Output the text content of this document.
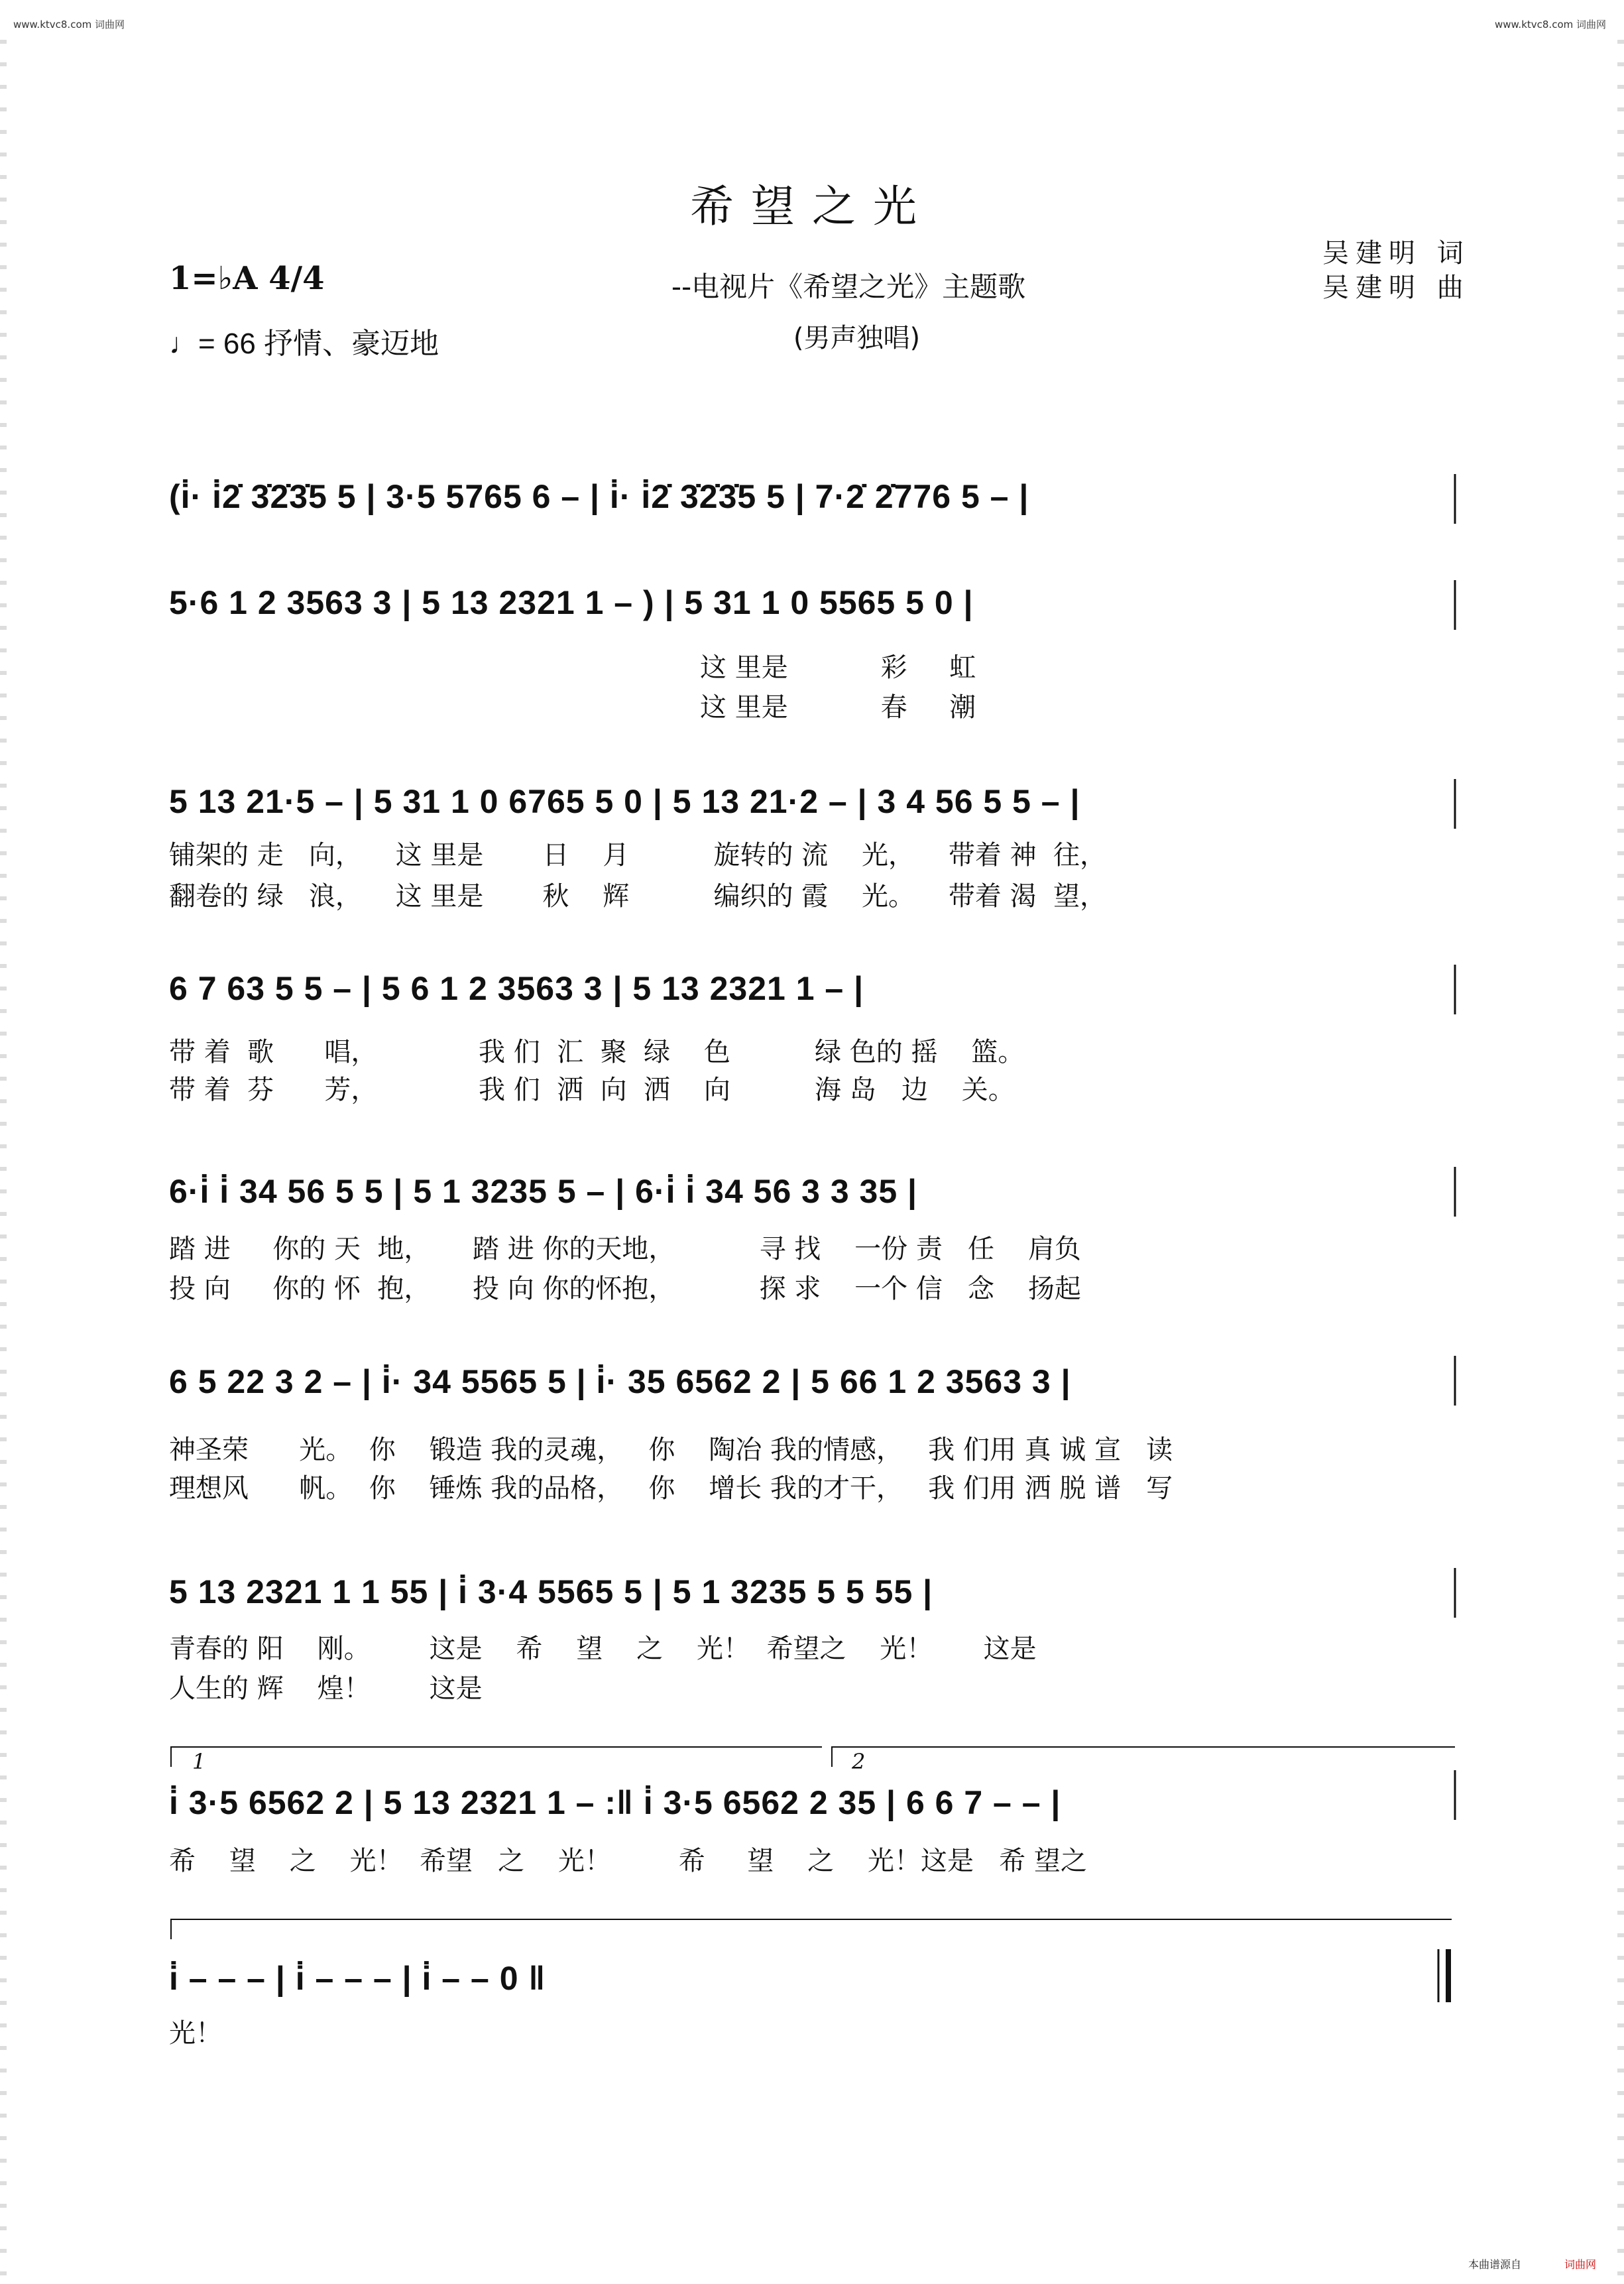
www.ktvc8.com 词曲网	www.ktvc8.com 词曲网
希望之光
--电视片《希望之光》主题歌
(男声独唱)
吴建明 词
吴建明 曲
1=♭A 4/4
♩= 66 抒情、豪迈地
(i̇· i̇2̇ 3̇2̇3̇5 5 | 3·5 5765 6 – | i̇· i̇2̇ 3̇2̇3̇5 5 | 7·2̇ 2̇776 5 – |
5·6 1 2 3563 3 | 5 13 2321 1 – ) | 5 31 1 0 5565 5 0 |
这 里是           彩     虹
这 里是           春     潮
5 13 21·5 – | 5 31 1 0 6765 5 0 | 5 13 21·2 – | 3 4 56 5 5 – |
铺架的 走   向，    这 里是       日    月          旋转的 流    光，    带着 神  往，
翻卷的 绿   浪，    这 里是       秋    辉          编织的 霞    光。    带着 渴  望，
6 7 63 5 5 – | 5 6 1 2 3563 3 | 5 13 2321 1 – |
带 着  歌      唱，            我 们  汇  聚  绿    色          绿 色的 摇    篮。
带 着  芬      芳，            我 们  洒  向  洒    向          海 岛   边    关。
6·i̇ i̇ 34 56 5 5 | 5 1 3235 5 – | 6·i̇ i̇ 34 56 3 3 35 |
踏 进     你的 天  地，     踏 进 你的天地，          寻 找    一份 责   任    肩负
投 向     你的 怀  抱，     投 向 你的怀抱，          探 求    一个 信   念    扬起
6 5 22 3 2 – | i̇· 34 5565 5 | i̇· 35 6562 2 | 5 66 1 2 3563 3 |
神圣荣      光。  你    锻造 我的灵魂，   你    陶冶 我的情感，   我 们用 真 诚 宣   读
理想风      帆。  你    锤炼 我的品格，   你    增长 我的才干，   我 们用 洒 脱 谱   写
5 13 2321 1 1 55 | i̇ 3·4 5565 5 | 5 1 3235 5 5 55 |
青春的 阳    刚。       这是    希    望    之    光！  希望之    光！      这是
人生的 辉    煌！       这是
1	2
i̇ 3·5 6562 2 | 5 13 2321 1 – :‖ i̇ 3·5 6562 2 35 | 6 6 7 – – |
希    望    之    光！  希望   之    光！        希     望    之    光！这是   希 望之
i̇ – – – | i̇ – – – | i̇ – – 0 ‖
光！
本曲谱源自	词曲网
